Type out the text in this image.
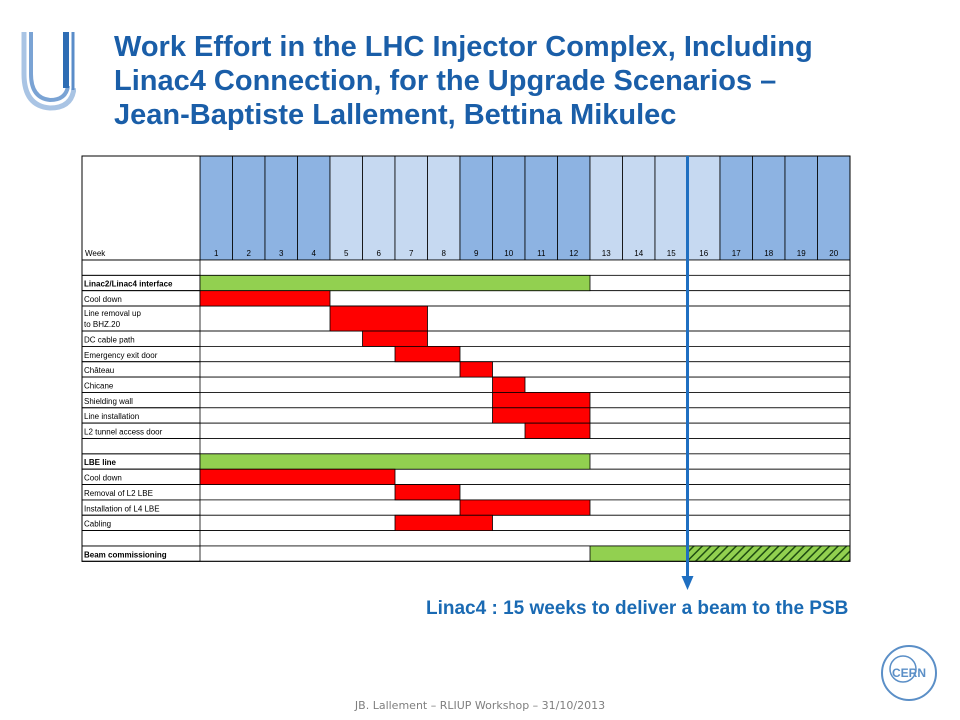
Work Effort in the LHC Injector Complex, Including
Linac4 Connection, for the Upgrade Scenarios –
Jean-Baptiste Lallement, Bettina Mikulec
1	2	3	4	5	6	7	8	9	10	11	12	13	14	15	16	17	18	19	20
Week
Linac2/Linac4 interface
Cool down
Line removal up
to BHZ.20
DC cable path
Emergency exit door
Château
Chicane
Shielding wall
Line installation
L2 tunnel access door
LBE line
Cool down
Removal of L2 LBE
Installation of L4 LBE
Cabling
Beam commissioning
Linac4 : 15 weeks to deliver a beam to the PSB
JB. Lallement – RLIUP Workshop – 31/10/2013
CERN
